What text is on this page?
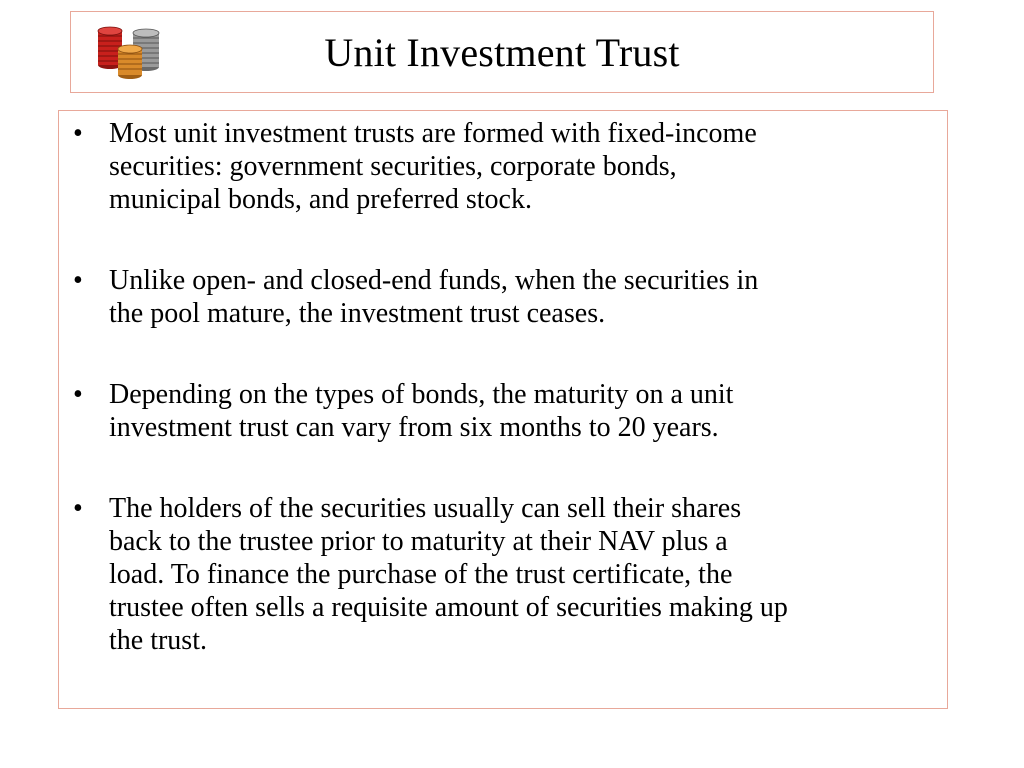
Unit Investment Trust
• Most unit investment trusts are formed with fixed-income
securities: government securities, corporate bonds,
municipal bonds, and preferred stock.
• Unlike open- and closed-end funds, when the securities in
the pool mature, the investment trust ceases.
• Depending on the types of bonds, the maturity on a unit
investment trust can vary from six months to 20 years.
• The holders of the securities usually can sell their shares
back to the trustee prior to maturity at their NAV plus a
load. To finance the purchase of the trust certificate, the
trustee often sells a requisite amount of securities making up
the trust.
